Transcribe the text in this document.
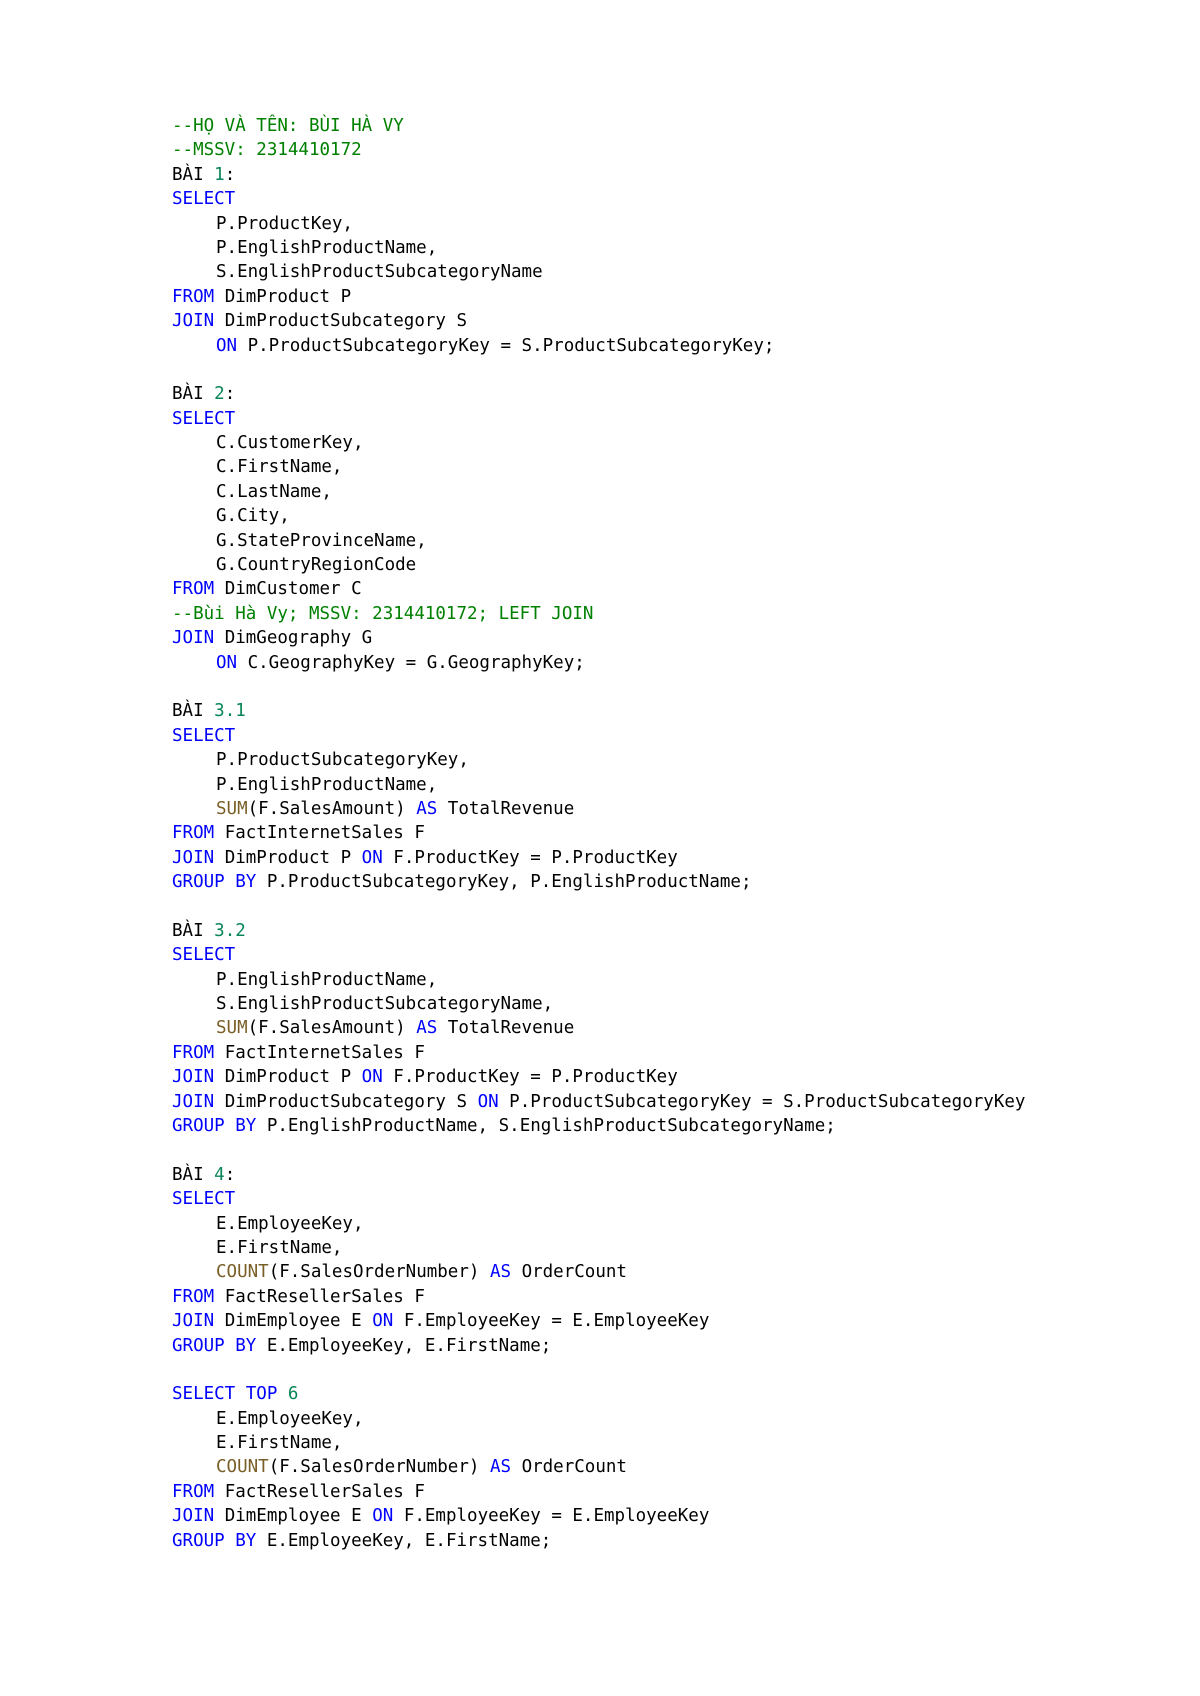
--HỌ VÀ TÊN: BÙI HÀ VY
--MSSV: 2314410172
BÀI 1:
SELECT
P.ProductKey,
P.EnglishProductName,
S.EnglishProductSubcategoryName
FROM DimProduct P
JOIN DimProductSubcategory S
ON P.ProductSubcategoryKey = S.ProductSubcategoryKey;
BÀI 2:
SELECT
C.CustomerKey,
C.FirstName,
C.LastName,
G.City,
G.StateProvinceName,
G.CountryRegionCode
FROM DimCustomer C
--Bùi Hà Vy; MSSV: 2314410172; LEFT JOIN
JOIN DimGeography G
ON C.GeographyKey = G.GeographyKey;
BÀI 3.1
SELECT
P.ProductSubcategoryKey,
P.EnglishProductName,
SUM(F.SalesAmount) AS TotalRevenue
FROM FactInternetSales F
JOIN DimProduct P ON F.ProductKey = P.ProductKey
GROUP BY P.ProductSubcategoryKey, P.EnglishProductName;
BÀI 3.2
SELECT
P.EnglishProductName,
S.EnglishProductSubcategoryName,
SUM(F.SalesAmount) AS TotalRevenue
FROM FactInternetSales F
JOIN DimProduct P ON F.ProductKey = P.ProductKey
JOIN DimProductSubcategory S ON P.ProductSubcategoryKey = S.ProductSubcategoryKey
GROUP BY P.EnglishProductName, S.EnglishProductSubcategoryName;
BÀI 4:
SELECT
E.EmployeeKey,
E.FirstName,
COUNT(F.SalesOrderNumber) AS OrderCount
FROM FactResellerSales F
JOIN DimEmployee E ON F.EmployeeKey = E.EmployeeKey
GROUP BY E.EmployeeKey, E.FirstName;
SELECT TOP 6
E.EmployeeKey,
E.FirstName,
COUNT(F.SalesOrderNumber) AS OrderCount
FROM FactResellerSales F
JOIN DimEmployee E ON F.EmployeeKey = E.EmployeeKey
GROUP BY E.EmployeeKey, E.FirstName;
